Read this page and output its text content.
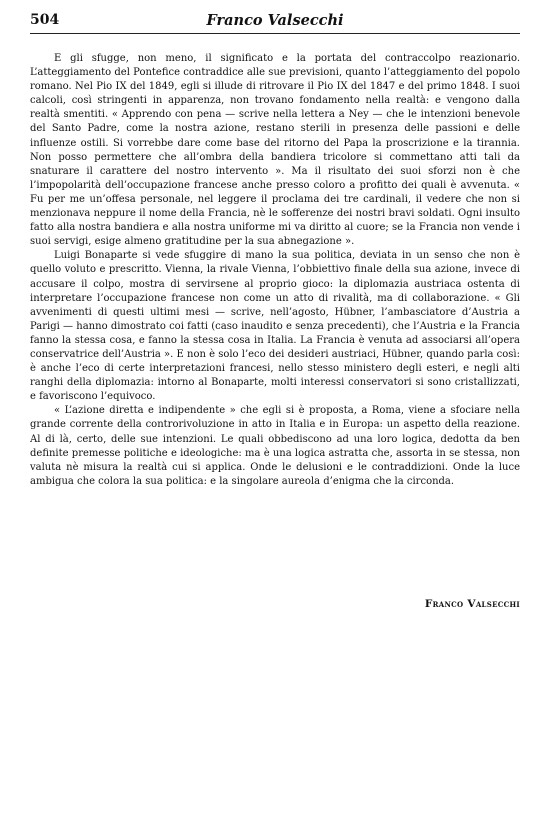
504	Franco Valsecchi

E gli sfugge, non meno, il significato e la portata del contraccolpo reazionario. L’atteggiamento del Pontefice contraddice alle sue previsioni, quanto l’atteggiamento del popolo romano. Nel Pio IX del 1849, egli si illude di ritrovare il Pio IX del 1847 e del primo 1848. I suoi calcoli, così stringenti in apparenza, non trovano fondamento nella realtà: e vengono dalla realtà smentiti. « Apprendo con pena — scrive nella lettera a Ney — che le intenzioni benevole del Santo Padre, come la nostra azione, restano sterili in presenza delle passioni e delle influenze ostili. Si vorrebbe dare come base del ritorno del Papa la proscrizione e la tirannia. Non posso permettere che all’ombra della bandiera tricolore si commettano atti tali da snaturare il carattere del nostro intervento ». Ma il risultato dei suoi sforzi non è che l’impopolarità dell’occupazione francese anche presso coloro a profitto dei quali è avvenuta. « Fu per me un’offesa personale, nel leggere il proclama dei tre cardinali, il vedere che non si menzionava neppure il nome della Francia, nè le sofferenze dei nostri bravi soldati. Ogni insulto fatto alla nostra bandiera e alla nostra uniforme mi va diritto al cuore; se la Francia non vende i suoi servigi, esige almeno gratitudine per la sua abnegazione ».

Luigi Bonaparte si vede sfuggire di mano la sua politica, deviata in un senso che non è quello voluto e prescritto. Vienna, la rivale Vienna, l’obbiettivo finale della sua azione, invece di accusare il colpo, mostra di servirsene al proprio gioco: la diplomazia austriaca ostenta di interpretare l’occupazione francese non come un atto di rivalità, ma di collaborazione. « Gli avvenimenti di questi ultimi mesi — scrive, nell’agosto, Hübner, l’ambasciatore d’Austria a Parigi — hanno dimostrato coi fatti (caso inaudito e senza precedenti), che l’Austria e la Francia fanno la stessa cosa, e fanno la stessa cosa in Italia. La Francia è venuta ad associarsi all’opera conservatrice dell’Austria ». E non è solo l’eco dei desideri austriaci, Hübner, quando parla così: è anche l’eco di certe interpretazioni francesi, nello stesso ministero degli esteri, e negli alti ranghi della diplomazia: intorno al Bonaparte, molti interessi conservatori si sono cristallizzati, e favoriscono l’equivoco.

« L’azione diretta e indipendente » che egli si è proposta, a Roma, viene a sfociare nella grande corrente della controrivoluzione in atto in Italia e in Europa: un aspetto della reazione. Al di là, certo, delle sue intenzioni. Le quali obbediscono ad una loro logica, dedotta da ben definite premesse politiche e ideologiche: ma è una logica astratta che, assorta in se stessa, non valuta nè misura la realtà cui si applica. Onde le delusioni e le contraddizioni. Onde la luce ambigua che colora la sua politica: e la singolare aureola d’enigma che la circonda.

Franco Valsecchi
